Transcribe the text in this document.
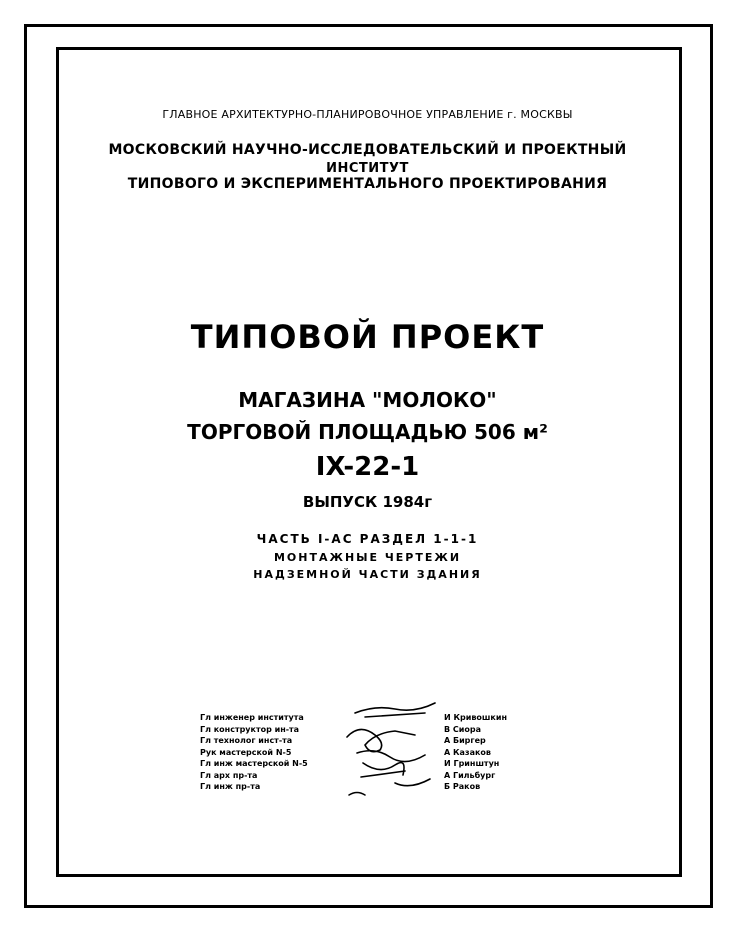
ГЛАВНОЕ АРХИТЕКТУРНО-ПЛАНИРОВОЧНОЕ УПРАВЛЕНИЕ г. МОСКВЫ
МОСКОВСКИЙ НАУЧНО-ИССЛЕДОВАТЕЛЬСКИЙ И ПРОЕКТНЫЙ
ИНСТИТУТ
ТИПОВОГО И ЭКСПЕРИМЕНТАЛЬНОГО ПРОЕКТИРОВАНИЯ
ТИПОВОЙ ПРОЕКТ
МАГАЗИНА "МОЛОКО"
ТОРГОВОЙ ПЛОЩАДЬЮ 506 м²
IX-22-1
ВЫПУСК 1984г
ЧАСТЬ I-АС РАЗДЕЛ 1-1-1
МОНТАЖНЫЕ ЧЕРТЕЖИ
НАДЗЕМНОЙ ЧАСТИ ЗДАНИЯ
Гл инженер института
Гл конструктор ин-та
Гл технолог инст-та
Рук мастерской N-5
Гл инж мастерской N-5
Гл арх пр-та
Гл инж пр-та
И Кривошкин
В Сиора
А Биргер
А Казаков
И Гринштун
А Гильбург
Б Раков
